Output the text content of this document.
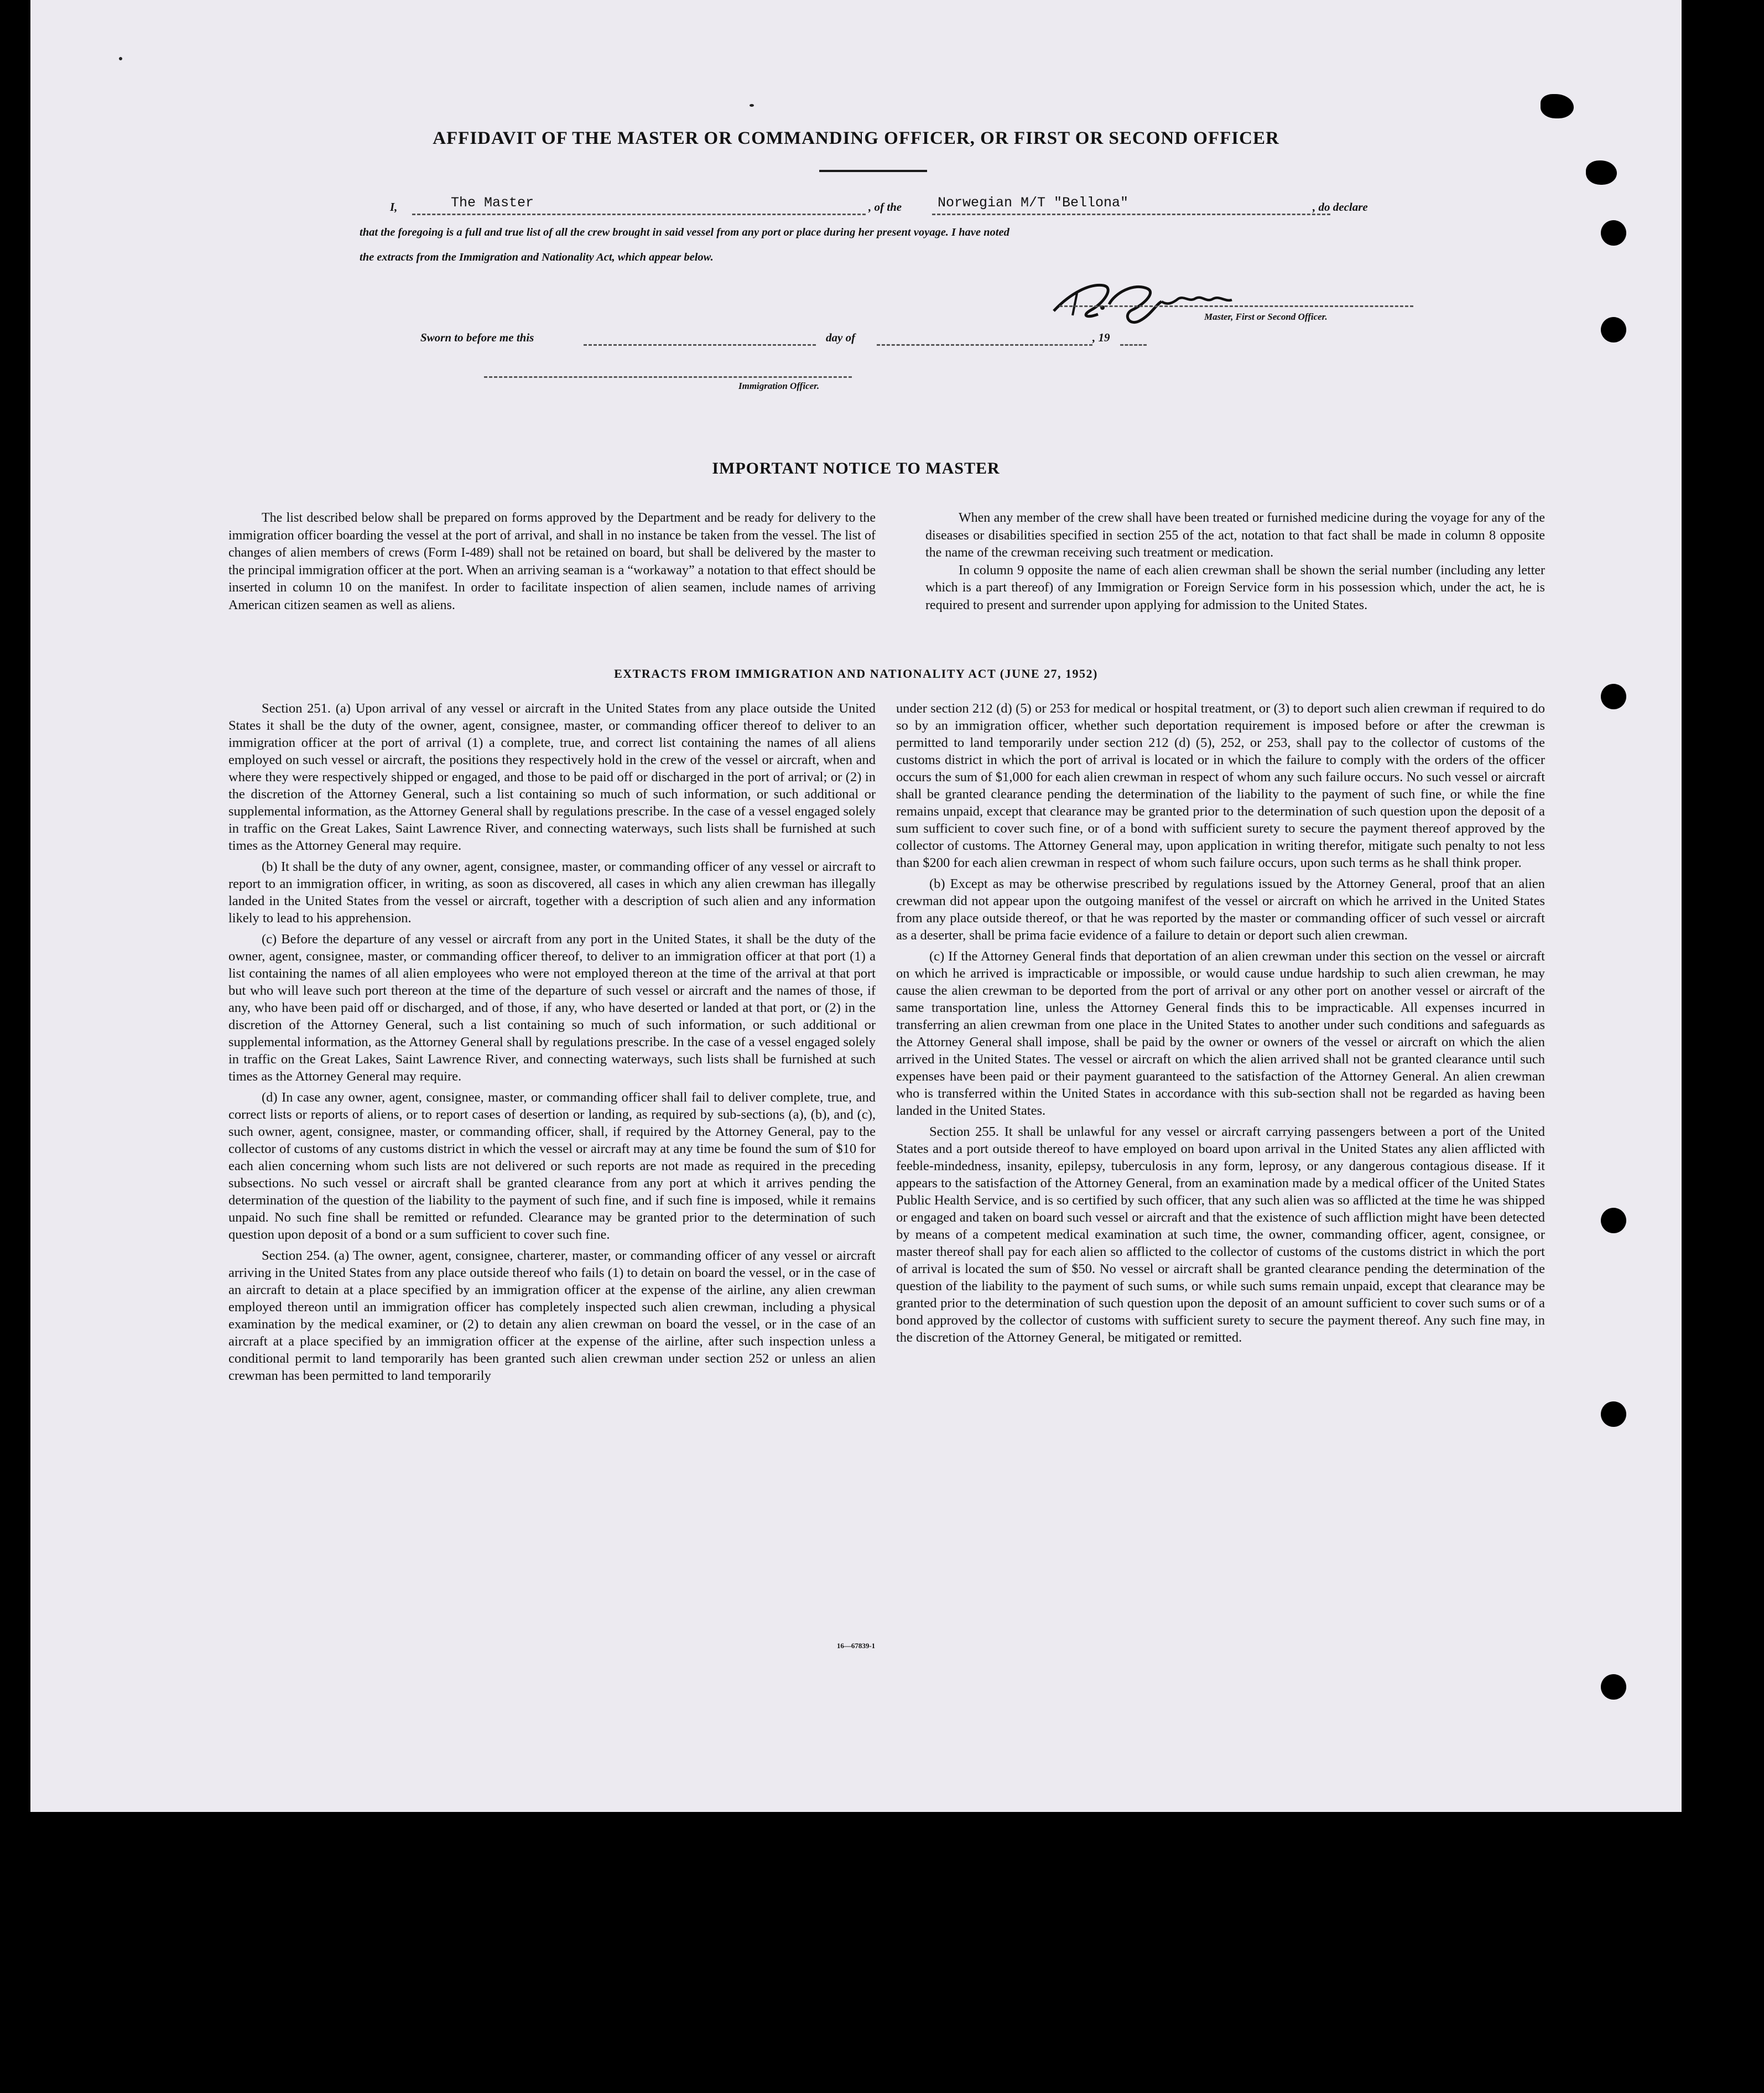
AFFIDAVIT OF THE MASTER OR COMMANDING OFFICER, OR FIRST OR SECOND OFFICER
I,	The Master	, of the	Norwegian M/T "Bellona"	, do declare
that the foregoing is a full and true list of all the crew brought in said vessel from any port or place during her present voyage. I have noted
the extracts from the Immigration and Nationality Act, which appear below.
Master, First or Second Officer.
Sworn to before me this	day of	, 19
Immigration Officer.
IMPORTANT NOTICE TO MASTER

The list described below shall be prepared on forms approved by the Department and be ready for delivery to the immigration officer boarding the vessel at the port of arrival, and shall in no instance be taken from the vessel. The list of changes of alien members of crews (Form I-489) shall not be retained on board, but shall be delivered by the master to the principal immigration officer at the port. When an arriving seaman is a “workaway” a notation to that effect should be inserted in column 10 on the manifest. In order to facilitate inspection of alien seamen, include names of arriving American citizen seamen as well as aliens.

When any member of the crew shall have been treated or furnished medicine during the voyage for any of the diseases or disabilities specified in section 255 of the act, notation to that fact shall be made in column 8 opposite the name of the crewman receiving such treatment or medication.

In column 9 opposite the name of each alien crewman shall be shown the serial number (including any letter which is a part thereof) of any Immigration or Foreign Service form in his possession which, under the act, he is required to present and surrender upon applying for admission to the United States.

EXTRACTS FROM IMMIGRATION AND NATIONALITY ACT (JUNE 27, 1952)

Section 251. (a) Upon arrival of any vessel or aircraft in the United States from any place outside the United States it shall be the duty of the owner, agent, consignee, master, or commanding officer thereof to deliver to an immigration officer at the port of arrival (1) a complete, true, and correct list containing the names of all aliens employed on such vessel or aircraft, the positions they respectively hold in the crew of the vessel or aircraft, when and where they were respectively shipped or engaged, and those to be paid off or discharged in the port of arrival; or (2) in the discretion of the Attorney General, such a list containing so much of such information, or such additional or supplemental information, as the Attorney General shall by regulations prescribe. In the case of a vessel engaged solely in traffic on the Great Lakes, Saint Lawrence River, and connecting waterways, such lists shall be furnished at such times as the Attorney General may require.

(b) It shall be the duty of any owner, agent, consignee, master, or commanding officer of any vessel or aircraft to report to an immigration officer, in writing, as soon as discovered, all cases in which any alien crewman has illegally landed in the United States from the vessel or aircraft, together with a description of such alien and any information likely to lead to his apprehension.

(c) Before the departure of any vessel or aircraft from any port in the United States, it shall be the duty of the owner, agent, consignee, master, or commanding officer thereof, to deliver to an immigration officer at that port (1) a list containing the names of all alien employees who were not employed thereon at the time of the arrival at that port but who will leave such port thereon at the time of the departure of such vessel or aircraft and the names of those, if any, who have been paid off or discharged, and of those, if any, who have deserted or landed at that port, or (2) in the discretion of the Attorney General, such a list containing so much of such information, or such additional or supplemental information, as the Attorney General shall by regulations prescribe. In the case of a vessel engaged solely in traffic on the Great Lakes, Saint Lawrence River, and connecting waterways, such lists shall be furnished at such times as the Attorney General may require.

(d) In case any owner, agent, consignee, master, or commanding officer shall fail to deliver complete, true, and correct lists or reports of aliens, or to report cases of desertion or landing, as required by sub-sections (a), (b), and (c), such owner, agent, consignee, master, or commanding officer, shall, if required by the Attorney General, pay to the collector of customs of any customs district in which the vessel or aircraft may at any time be found the sum of $10 for each alien concerning whom such lists are not delivered or such reports are not made as required in the preceding subsections. No such vessel or aircraft shall be granted clearance from any port at which it arrives pending the determination of the question of the liability to the payment of such fine, and if such fine is imposed, while it remains unpaid. No such fine shall be remitted or refunded. Clearance may be granted prior to the determination of such question upon deposit of a bond or a sum sufficient to cover such fine.

Section 254. (a) The owner, agent, consignee, charterer, master, or commanding officer of any vessel or aircraft arriving in the United States from any place outside thereof who fails (1) to detain on board the vessel, or in the case of an aircraft to detain at a place specified by an immigration officer at the expense of the airline, any alien crewman employed thereon until an immigration officer has completely inspected such alien crewman, including a physical examination by the medical examiner, or (2) to detain any alien crewman on board the vessel, or in the case of an aircraft at a place specified by an immigration officer at the expense of the airline, after such inspection unless a conditional permit to land temporarily has been granted such alien crewman under section 252 or unless an alien crewman has been permitted to land temporarily

under section 212 (d) (5) or 253 for medical or hospital treatment, or (3) to deport such alien crewman if required to do so by an immigration officer, whether such deportation requirement is imposed before or after the crewman is permitted to land temporarily under section 212 (d) (5), 252, or 253, shall pay to the collector of customs of the customs district in which the port of arrival is located or in which the failure to comply with the orders of the officer occurs the sum of $1,000 for each alien crewman in respect of whom any such failure occurs. No such vessel or aircraft shall be granted clearance pending the determination of the liability to the payment of such fine, or while the fine remains unpaid, except that clearance may be granted prior to the determination of such question upon the deposit of a sum sufficient to cover such fine, or of a bond with sufficient surety to secure the payment thereof approved by the collector of customs. The Attorney General may, upon application in writing therefor, mitigate such penalty to not less than $200 for each alien crewman in respect of whom such failure occurs, upon such terms as he shall think proper.

(b) Except as may be otherwise prescribed by regulations issued by the Attorney General, proof that an alien crewman did not appear upon the outgoing manifest of the vessel or aircraft on which he arrived in the United States from any place outside thereof, or that he was reported by the master or commanding officer of such vessel or aircraft as a deserter, shall be prima facie evidence of a failure to detain or deport such alien crewman.

(c) If the Attorney General finds that deportation of an alien crewman under this section on the vessel or aircraft on which he arrived is impracticable or impossible, or would cause undue hardship to such alien crewman, he may cause the alien crewman to be deported from the port of arrival or any other port on another vessel or aircraft of the same transportation line, unless the Attorney General finds this to be impracticable. All expenses incurred in transferring an alien crewman from one place in the United States to another under such conditions and safeguards as the Attorney General shall impose, shall be paid by the owner or owners of the vessel or aircraft on which the alien arrived in the United States. The vessel or aircraft on which the alien arrived shall not be granted clearance until such expenses have been paid or their payment guaranteed to the satisfaction of the Attorney General. An alien crewman who is transferred within the United States in accordance with this sub-section shall not be regarded as having been landed in the United States.

Section 255. It shall be unlawful for any vessel or aircraft carrying passengers between a port of the United States and a port outside thereof to have employed on board upon arrival in the United States any alien afflicted with feeble-mindedness, insanity, epilepsy, tuberculosis in any form, leprosy, or any dangerous contagious disease. If it appears to the satisfaction of the Attorney General, from an examination made by a medical officer of the United States Public Health Service, and is so certified by such officer, that any such alien was so afflicted at the time he was shipped or engaged and taken on board such vessel or aircraft and that the existence of such affliction might have been detected by means of a competent medical examination at such time, the owner, commanding officer, agent, consignee, or master thereof shall pay for each alien so afflicted to the collector of customs of the customs district in which the port of arrival is located the sum of $50. No vessel or aircraft shall be granted clearance pending the determination of the question of the liability to the payment of such sums, or while such sums remain unpaid, except that clearance may be granted prior to the determination of such question upon the deposit of an amount sufficient to cover such sums or of a bond approved by the collector of customs with sufficient surety to secure the payment thereof. Any such fine may, in the discretion of the Attorney General, be mitigated or remitted.

16—67839-1
